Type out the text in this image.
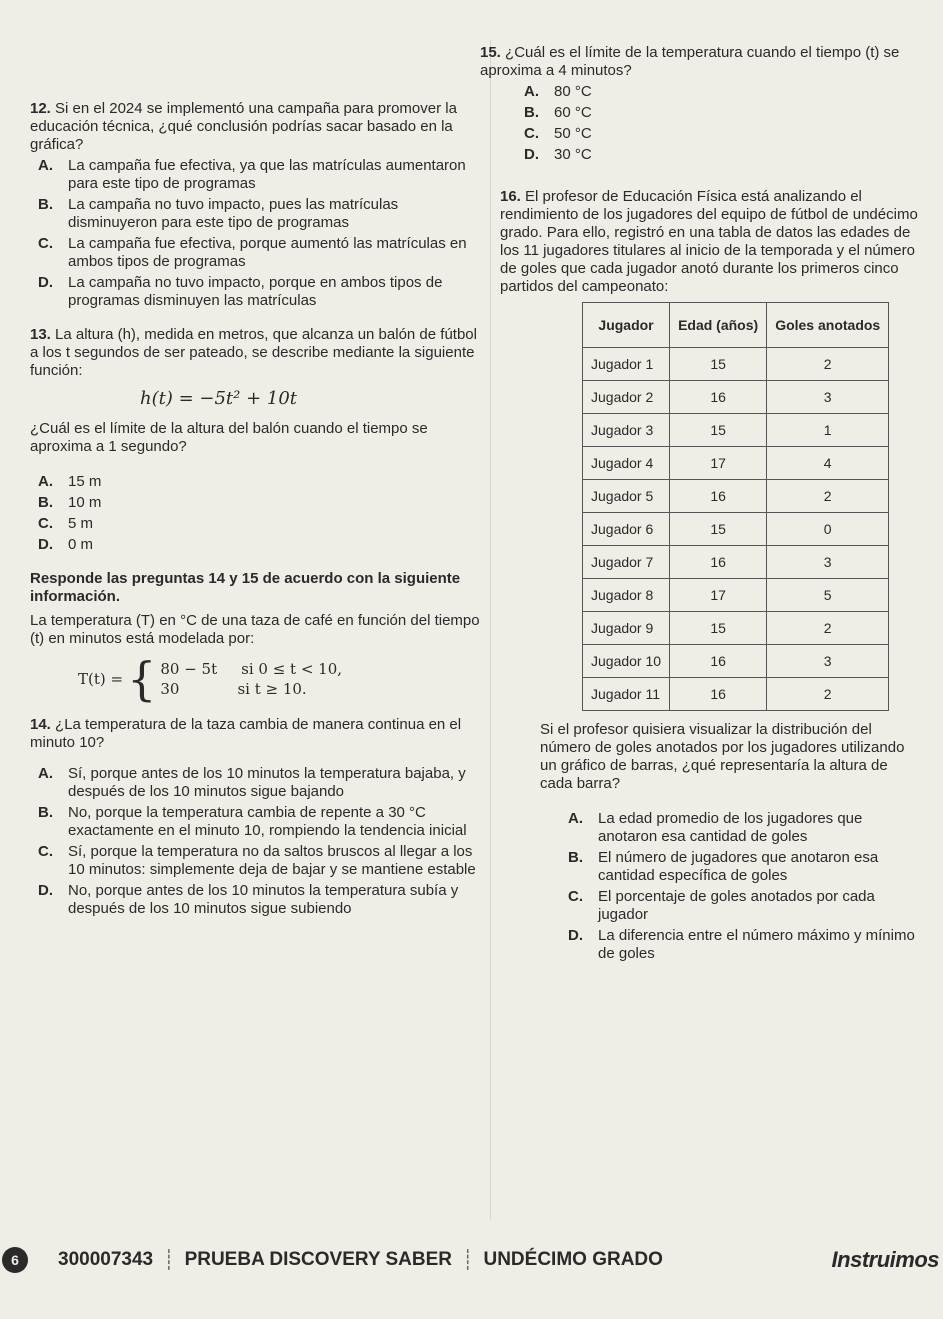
12. Si en el 2024 se implementó una campaña para promover la educación técnica, ¿qué conclusión podrías sacar basado en la gráfica?
A.	La campaña fue efectiva, ya que las matrículas aumentaron para este tipo de programas
B.	La campaña no tuvo impacto, pues las matrículas disminuyeron para este tipo de programas
C.	La campaña fue efectiva, porque aumentó las matrículas en ambos tipos de programas
D.	La campaña no tuvo impacto, porque en ambos tipos de programas disminuyen las matrículas
13. La altura (h), medida en metros, que alcanza un balón de fútbol a los t segundos de ser pateado, se describe mediante la siguiente función:
h(t) = −5t² + 10t
¿Cuál es el límite de la altura del balón cuando el tiempo se aproxima a 1 segundo?
A.	15 m
B.	10 m
C.	5 m
D.	0 m
Responde las preguntas 14 y 15 de acuerdo con la siguiente información.
La temperatura (T) en °C de una taza de café en función del tiempo (t) en minutos está modelada por:
T(t) = { 80 − 5t si 0 ≤ t < 10,
30	si t ≥ 10.
14. ¿La temperatura de la taza cambia de manera continua en el minuto 10?
A.	Sí, porque antes de los 10 minutos la temperatura bajaba, y después de los 10 minutos sigue bajando
B.	No, porque la temperatura cambia de repente a 30 °C exactamente en el minuto 10, rompiendo la tendencia inicial
C.	Sí, porque la temperatura no da saltos bruscos al llegar a los 10 minutos: simplemente deja de bajar y se mantiene estable
D.	No, porque antes de los 10 minutos la temperatura subía y después de los 10 minutos sigue subiendo
15. ¿Cuál es el límite de la temperatura cuando el tiempo (t) se aproxima a 4 minutos?
A.	80 °C
B.	60 °C
C.	50 °C
D.	30 °C
16. El profesor de Educación Física está analizando el rendimiento de los jugadores del equipo de fútbol de undécimo grado. Para ello, registró en una tabla de datos las edades de los 11 jugadores titulares al inicio de la temporada y el número de goles que cada jugador anotó durante los primeros cinco partidos del campeonato:
Jugador	Edad (años)	Goles anotados
Jugador 1	15	2
Jugador 2	16	3
Jugador 3	15	1
Jugador 4	17	4
Jugador 5	16	2
Jugador 6	15	0
Jugador 7	16	3
Jugador 8	17	5
Jugador 9	15	2
Jugador 10	16	3
Jugador 11	16	2
Si el profesor quisiera visualizar la distribución del número de goles anotados por los jugadores utilizando un gráfico de barras, ¿qué representaría la altura de cada barra?
A.	La edad promedio de los jugadores que anotaron esa cantidad de goles
B.	El número de jugadores que anotaron esa cantidad específica de goles
C.	El porcentaje de goles anotados por cada jugador
D.	La diferencia entre el número máximo y mínimo de goles
6	300007343 ┊ PRUEBA DISCOVERY SABER ┊ UNDÉCIMO GRADO	Instruimos
